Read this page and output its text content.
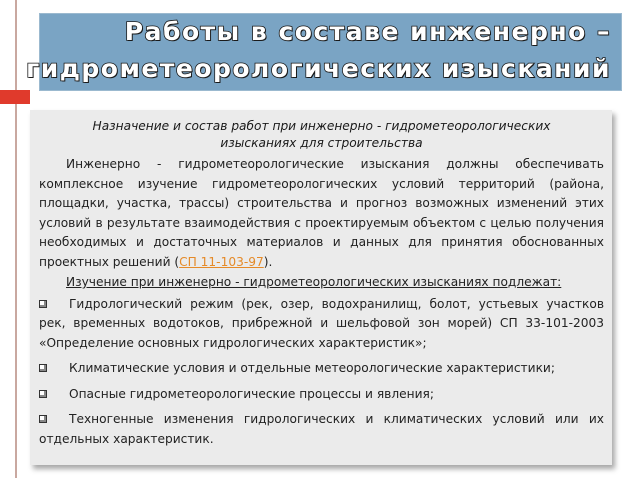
Работы в составе инженерно –
гидрометеорологических изысканий
Назначение и состав работ при инженерно - гидрометеорологических изысканиях для строительства

Инженерно - гидрометеорологические изыскания должны обеспечивать комплексное изучение гидрометеорологических условий территорий (района, площадки, участка, трассы) строительства и прогноз возможных изменений этих условий в результате взаимодействия с проектируемым объектом с целью получения необходимых и достаточных материалов и данных для принятия обоснованных проектных решений (СП 11-103-97).

Изучение при инженерно - гидрометеорологических изысканиях подлежат:

Гидрологический режим (рек, озер, водохранилищ, болот, устьевых участков рек, временных водотоков, прибрежной и шельфовой зон морей) СП 33-101-2003 «Определение основных гидрологических характеристик»;

Климатические условия и отдельные метеорологические характеристики;

Опасные гидрометеорологические процессы и явления;

Техногенные изменения гидрологических и климатических условий или их отдельных характеристик.
